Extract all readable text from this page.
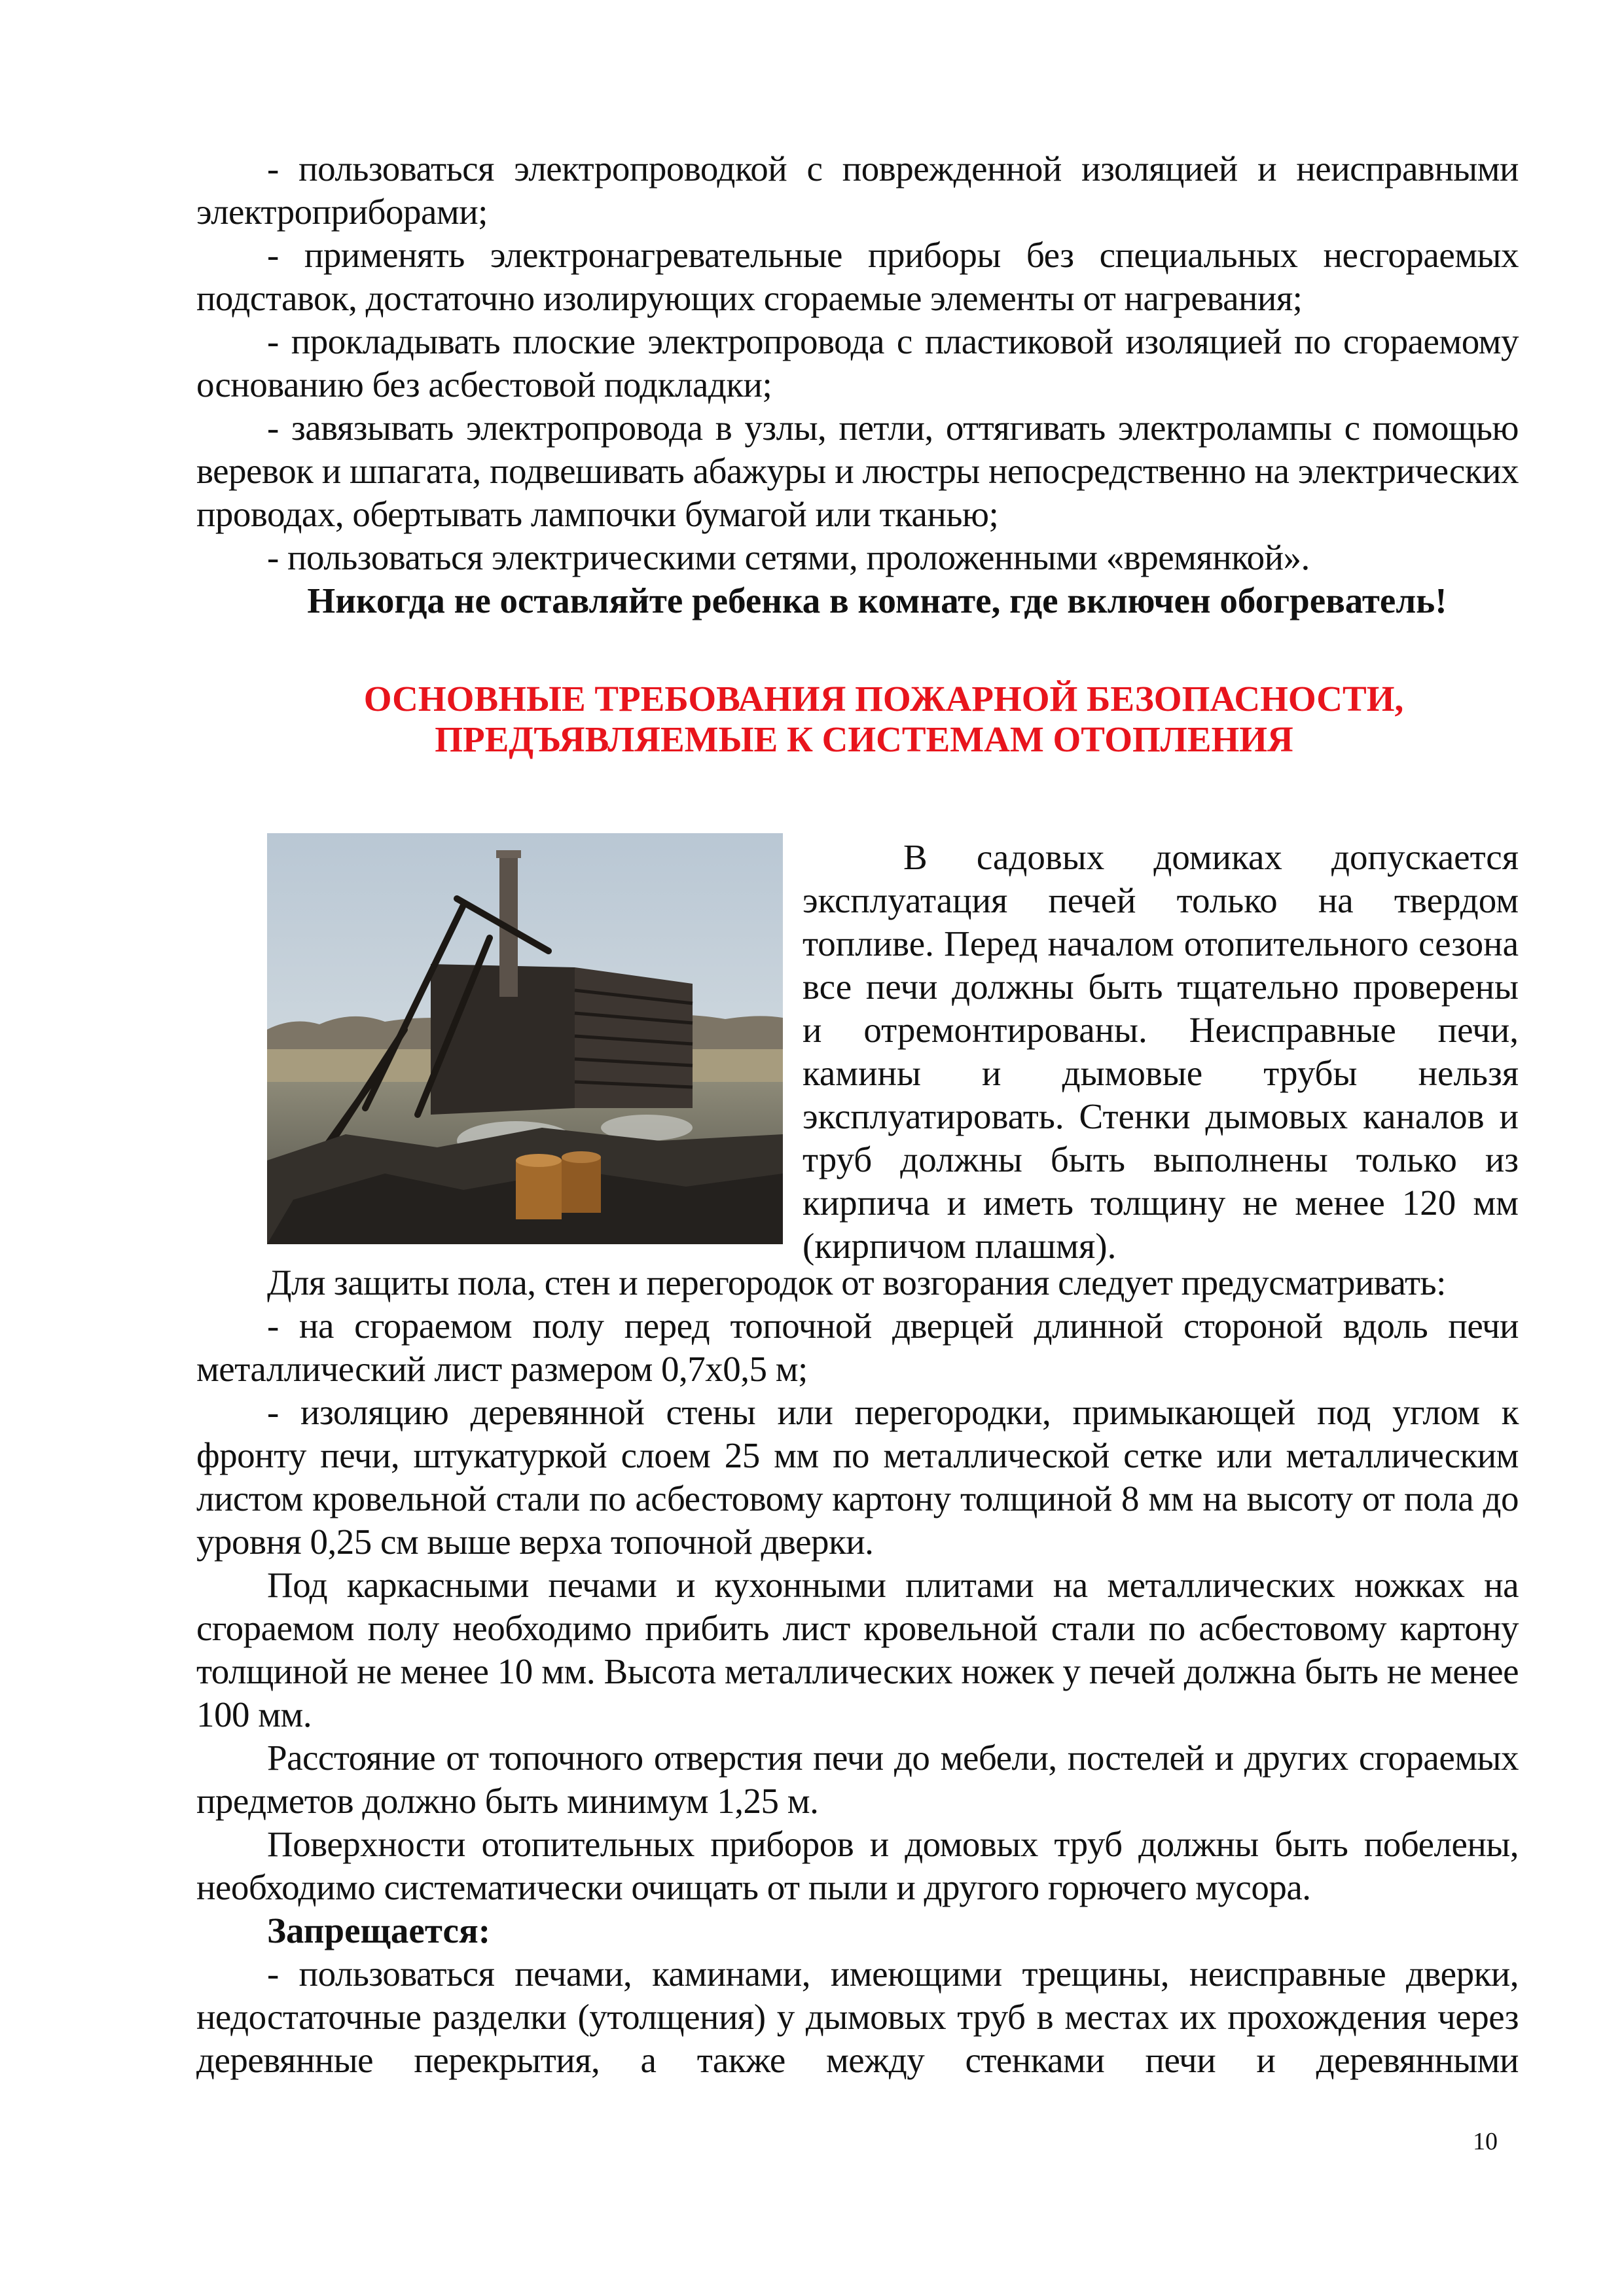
- пользоваться электропроводкой с поврежденной изоляцией и неисправными электроприборами;

- применять электронагревательные приборы без специальных несгораемых подставок, достаточно изолирующих сгораемые элементы от нагревания;

- прокладывать плоские электропровода с пластиковой изоляцией по сгораемому основанию без асбестовой подкладки;

- завязывать электропровода в узлы, петли, оттягивать электролампы с помощью веревок и шпагата, подвешивать абажуры и люстры непосредственно на электрических проводах, обертывать лампочки бумагой или тканью;

- пользоваться электрическими сетями, проложенными «времянкой».

Никогда не оставляйте ребенка в комнате, где включен обогреватель!

ОСНОВНЫЕ ТРЕБОВАНИЯ ПОЖАРНОЙ БЕЗОПАСНОСТИ,
ПРЕДЪЯВЛЯЕМЫЕ К СИСТЕМАМ ОТОПЛЕНИЯ

В садовых домиках допускается эксплуатация печей только на твердом топливе. Перед началом отопительного сезона все печи должны быть тщательно проверены и отремонтированы. Неисправные печи, камины и дымовые трубы нельзя эксплуатировать. Стенки дымовых каналов и труб должны быть выполнены только из кирпича и иметь толщину не менее 120 мм (кирпичом плашмя).

Для защиты пола, стен и перегородок от возгорания следует предусматривать:

- на сгораемом полу перед топочной дверцей длинной стороной вдоль печи металлический лист размером 0,7х0,5 м;

- изоляцию деревянной стены или перегородки, примыкающей под углом к фронту печи, штукатуркой слоем 25 мм по металлической сетке или металлическим листом кровельной стали по асбестовому картону толщиной 8 мм на высоту от пола до уровня 0,25 см выше верха топочной дверки.

Под каркасными печами и кухонными плитами на металлических ножках на сгораемом полу необходимо прибить лист кровельной стали по асбестовому картону толщиной не менее 10 мм. Высота металлических ножек у печей должна быть не менее 100 мм.

Расстояние от топочного отверстия печи до мебели, постелей и других сгораемых предметов должно быть минимум 1,25 м.

Поверхности отопительных приборов и домовых труб должны быть побелены, необходимо систематически очищать от пыли и другого горючего мусора.

Запрещается:

- пользоваться печами, каминами, имеющими трещины, неисправные дверки, недостаточные разделки (утолщения) у дымовых труб в местах их прохождения через деревянные перекрытия, а также между стенками печи и деревянными

10
